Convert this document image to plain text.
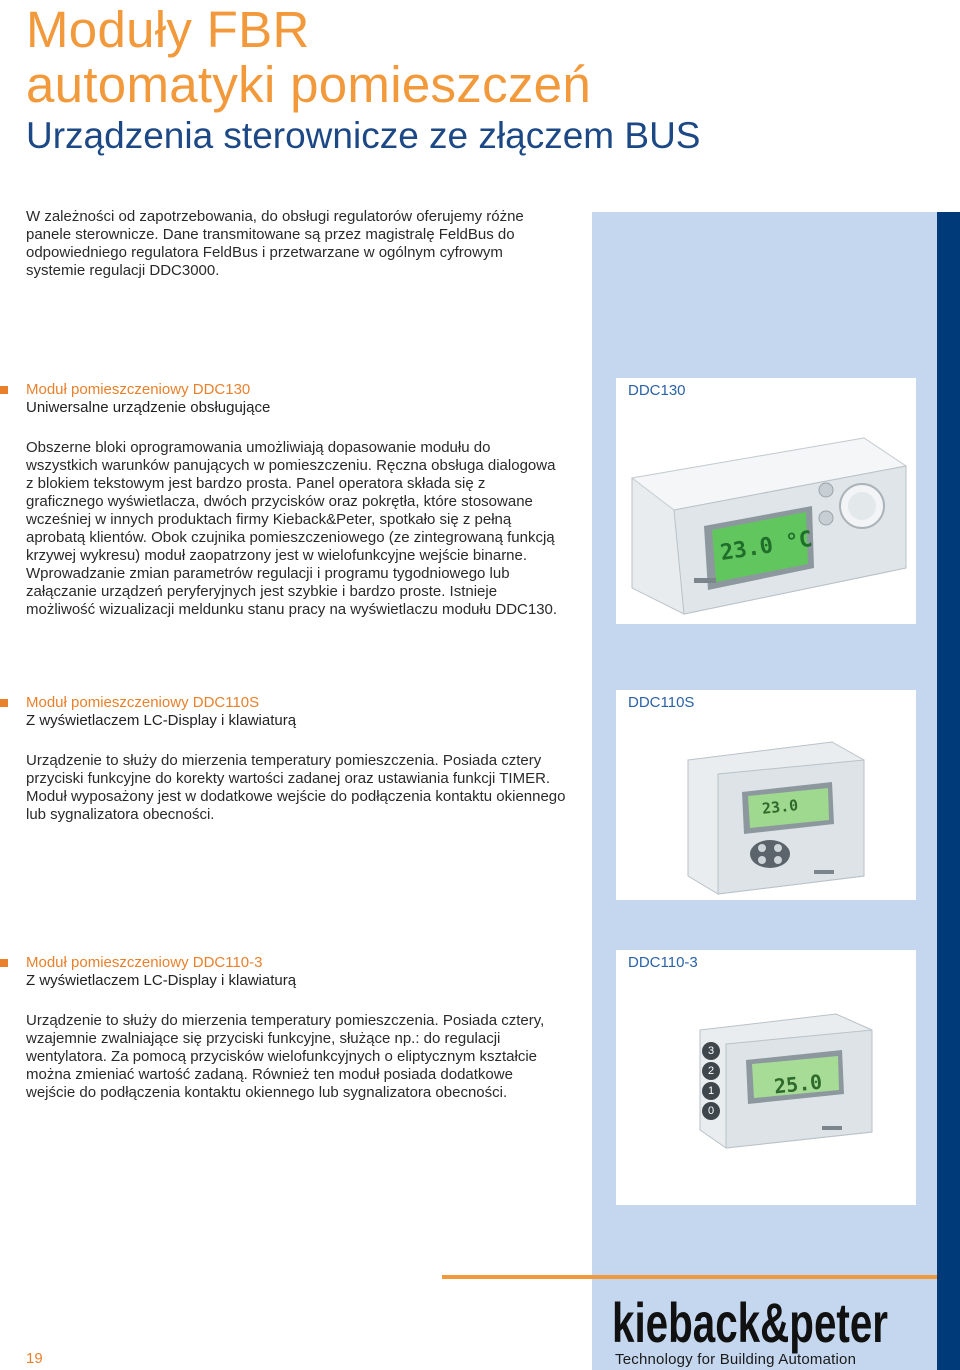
Moduły FBR
automatyki pomieszczeń
Urządzenia sterownicze ze złączem BUS

W zależności od zapotrzebowania, do obsługi regulatorów oferujemy różne panele sterownicze. Dane transmitowane są przez magistralę FeldBus do odpowiedniego regulatora FeldBus i przetwarzane w ogólnym cyfrowym systemie regulacji DDC3000.

Moduł pomieszczeniowy DDC130
Uniwersalne urządzenie obsługujące

Obszerne bloki oprogramowania umożliwiają dopasowanie modułu do wszystkich warunków panujących w pomieszczeniu. Ręczna obsługa dialogowa z blokiem tekstowym jest bardzo prosta. Panel operatora składa się z graficznego wyświetlacza, dwóch przycisków oraz pokrętła, które stosowane wcześniej w innych produktach firmy Kieback&Peter, spotkało się z pełną aprobatą klientów. Obok czujnika pomieszczeniowego (ze zintegrowaną funkcją krzywej wykresu) moduł zaopatrzony jest w wielofunkcyjne wejście binarne. Wprowadzanie zmian parametrów regulacji i programu tygodniowego lub załączanie urządzeń peryferyjnych jest szybkie i bardzo proste. Istnieje możliwość wizualizacji meldunku stanu pracy na wyświetlaczu modułu DDC130.

DDC130
23.0 °C
Moduł pomieszczeniowy DDC110S
Z wyświetlaczem LC-Display i klawiaturą

Urządzenie to służy do mierzenia temperatury pomieszczenia. Posiada cztery przyciski funkcyjne do korekty wartości zadanej oraz ustawiania funkcji TIMER. Moduł wyposażony jest w dodatkowe wejście do podłączenia kontaktu okiennego lub sygnalizatora obecności.

DDC110S
23.0
Moduł pomieszczeniowy DDC110-3
Z wyświetlaczem LC-Display i klawiaturą

Urządzenie to służy do mierzenia temperatury pomieszczenia. Posiada cztery, wzajemnie zwalniające się przyciski funkcyjne, służące np.: do regulacji wentylatora. Za pomocą przycisków wielofunkcyjnych o eliptycznym kształcie można zmieniać wartość zadaną. Również ten moduł posiada dodatkowe wejście do podłączenia kontaktu okiennego lub sygnalizatora obecności.

DDC110-3
3
2
1
0
25.0
kieback&peter
Technology for Building Automation
19
